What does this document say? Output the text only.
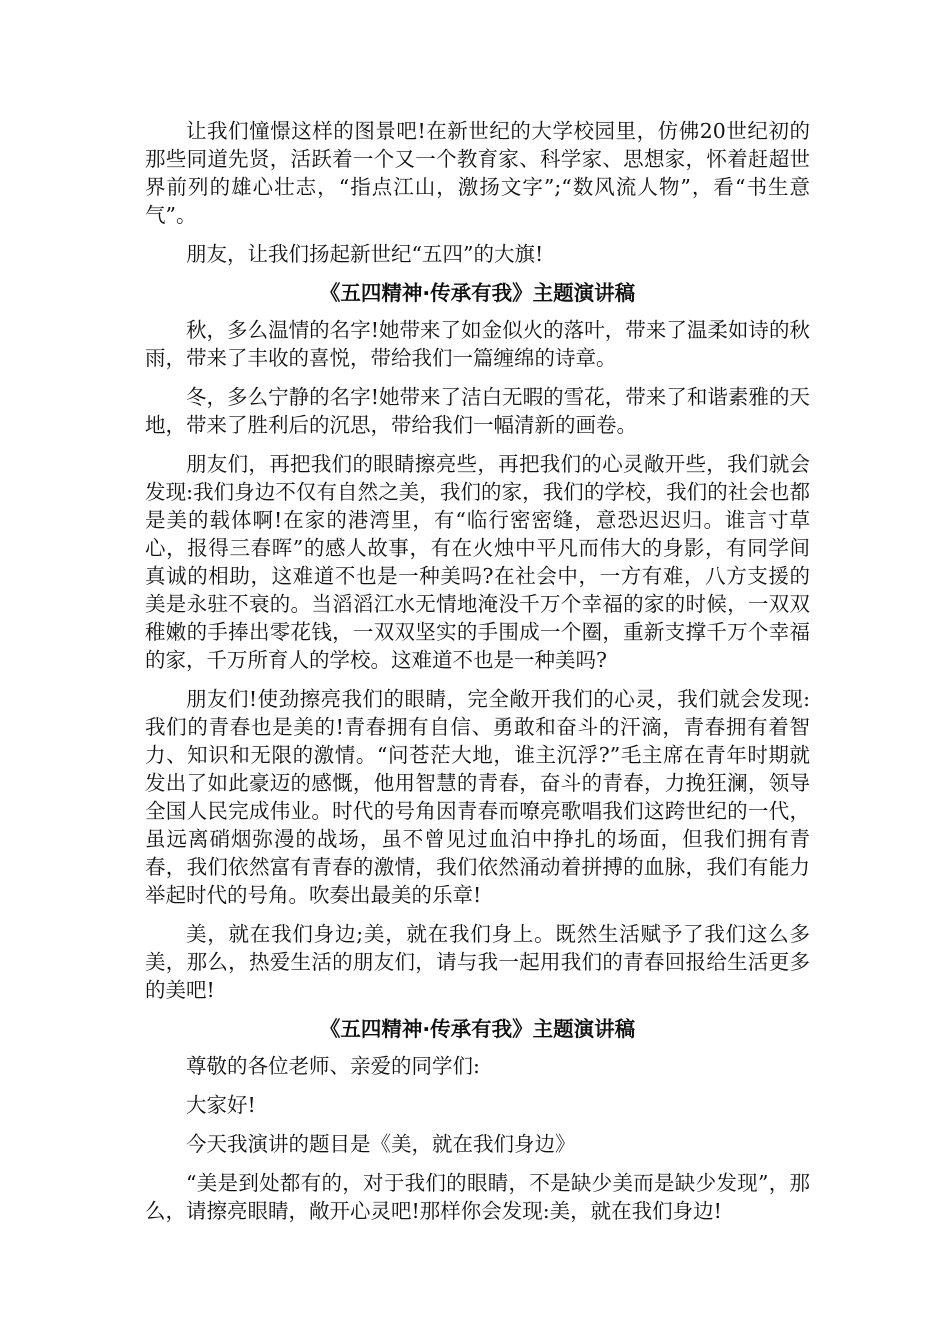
让我们憧憬这样的图景吧!在新世纪的大学校园里，仿佛20世纪初的那些同道先贤，活跃着一个又一个教育家、科学家、思想家，怀着赶超世界前列的雄心壮志，“指点江山，激扬文字”;“数风流人物”，看“书生意气”。

朋友，让我们扬起新世纪“五四”的大旗!

《五四精神·传承有我》主题演讲稿

秋，多么温情的名字!她带来了如金似火的落叶，带来了温柔如诗的秋雨，带来了丰收的喜悦，带给我们一篇缠绵的诗章。

冬，多么宁静的名字!她带来了洁白无暇的雪花，带来了和谐素雅的天地，带来了胜利后的沉思，带给我们一幅清新的画卷。

朋友们，再把我们的眼睛擦亮些，再把我们的心灵敞开些，我们就会发现:我们身边不仅有自然之美，我们的家，我们的学校，我们的社会也都是美的载体啊!在家的港湾里，有“临行密密缝，意恐迟迟归。谁言寸草心，报得三春晖”的感人故事，有在火烛中平凡而伟大的身影，有同学间真诚的相助，这难道不也是一种美吗?在社会中，一方有难，八方支援的美是永驻不衰的。当滔滔江水无情地淹没千万个幸福的家的时候，一双双稚嫩的手捧出零花钱，一双双坚实的手围成一个圈，重新支撑千万个幸福的家，千万所育人的学校。这难道不也是一种美吗?

朋友们!使劲擦亮我们的眼睛，完全敞开我们的心灵，我们就会发现:我们的青春也是美的!青春拥有自信、勇敢和奋斗的汗滴，青春拥有着智力、知识和无限的激情。“问苍茫大地，谁主沉浮?”毛主席在青年时期就发出了如此豪迈的感慨，他用智慧的青春，奋斗的青春，力挽狂澜，领导全国人民完成伟业。时代的号角因青春而嘹亮歌唱我们这跨世纪的一代，虽远离硝烟弥漫的战场，虽不曾见过血泊中挣扎的场面，但我们拥有青春，我们依然富有青春的激情，我们依然涌动着拼搏的血脉，我们有能力举起时代的号角。吹奏出最美的乐章!

美，就在我们身边;美，就在我们身上。既然生活赋予了我们这么多美，那么，热爱生活的朋友们，请与我一起用我们的青春回报给生活更多的美吧!

《五四精神·传承有我》主题演讲稿

尊敬的各位老师、亲爱的同学们:

大家好!

今天我演讲的题目是《美，就在我们身边》

“美是到处都有的，对于我们的眼睛，不是缺少美而是缺少发现”，那么，请擦亮眼睛，敞开心灵吧!那样你会发现:美，就在我们身边!
